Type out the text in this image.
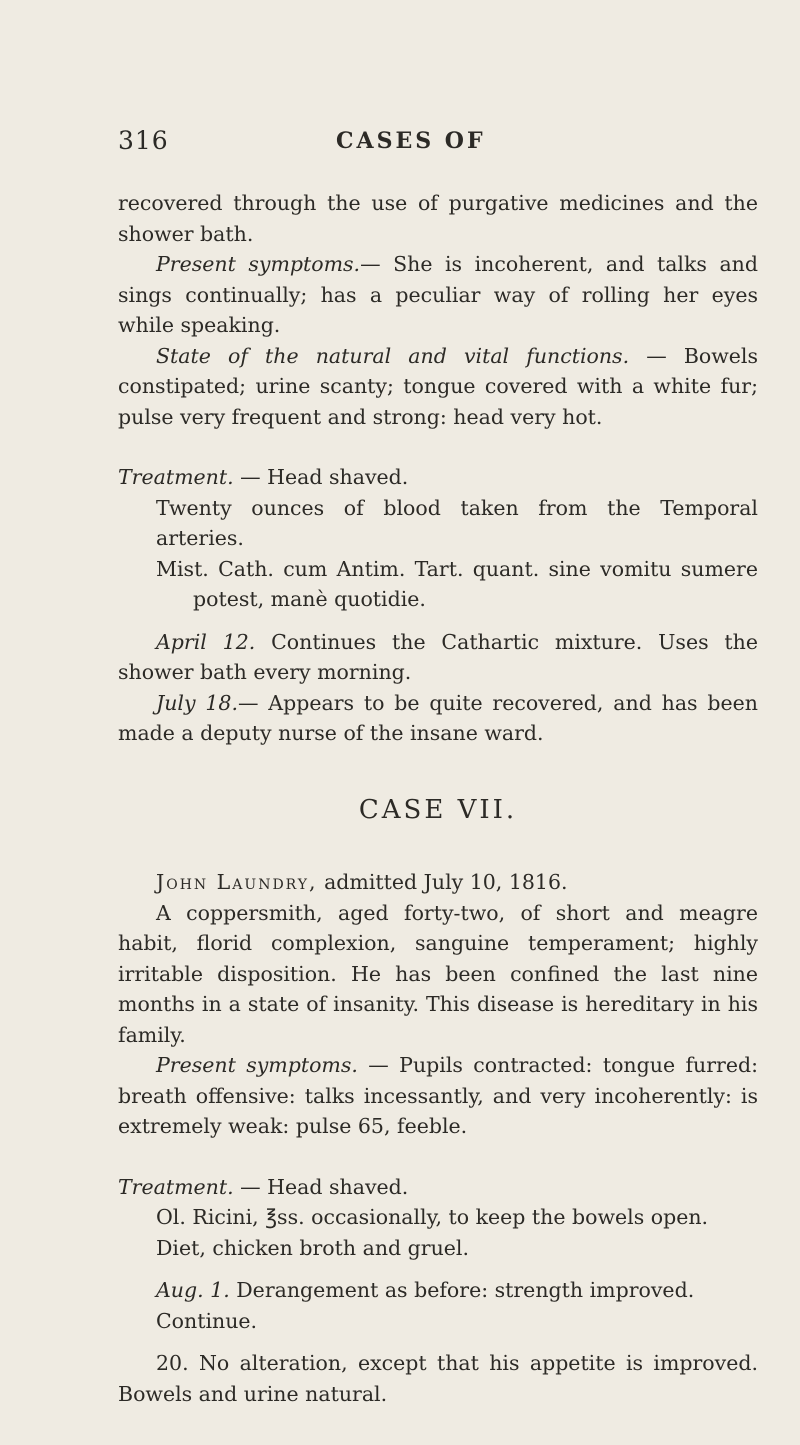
316	CASES OF

recovered through the use of purgative medicines and the shower bath.

Present symptoms.— She is incoherent, and talks and sings continually; has a peculiar way of rolling her eyes while speaking.

State of the natural and vital functions. — Bowels constipated; urine scanty; tongue covered with a white fur; pulse very frequent and strong: head very hot.

Treatment. — Head shaved.

Twenty ounces of blood taken from the Temporal arteries.

Mist. Cath. cum Antim. Tart. quant. sine vomitu sumere potest, manè quotidie.

April 12. Continues the Cathartic mixture. Uses the shower bath every morning.

July 18.— Appears to be quite recovered, and has been made a deputy nurse of the insane ward.

CASE VII.

John Laundry, admitted July 10, 1816.

A coppersmith, aged forty-two, of short and meagre habit, florid complexion, sanguine temperament; highly irritable disposition. He has been confined the last nine months in a state of insanity. This disease is hereditary in his family.

Present symptoms. — Pupils contracted: tongue furred: breath offensive: talks incessantly, and very incoherently: is extremely weak: pulse 65, feeble.

Treatment. — Head shaved.

Ol. Ricini, ℥ss. occasionally, to keep the bowels open.

Diet, chicken broth and gruel.

Aug. 1. Derangement as before: strength improved.

Continue.

20. No alteration, except that his appetite is improved. Bowels and urine natural.
